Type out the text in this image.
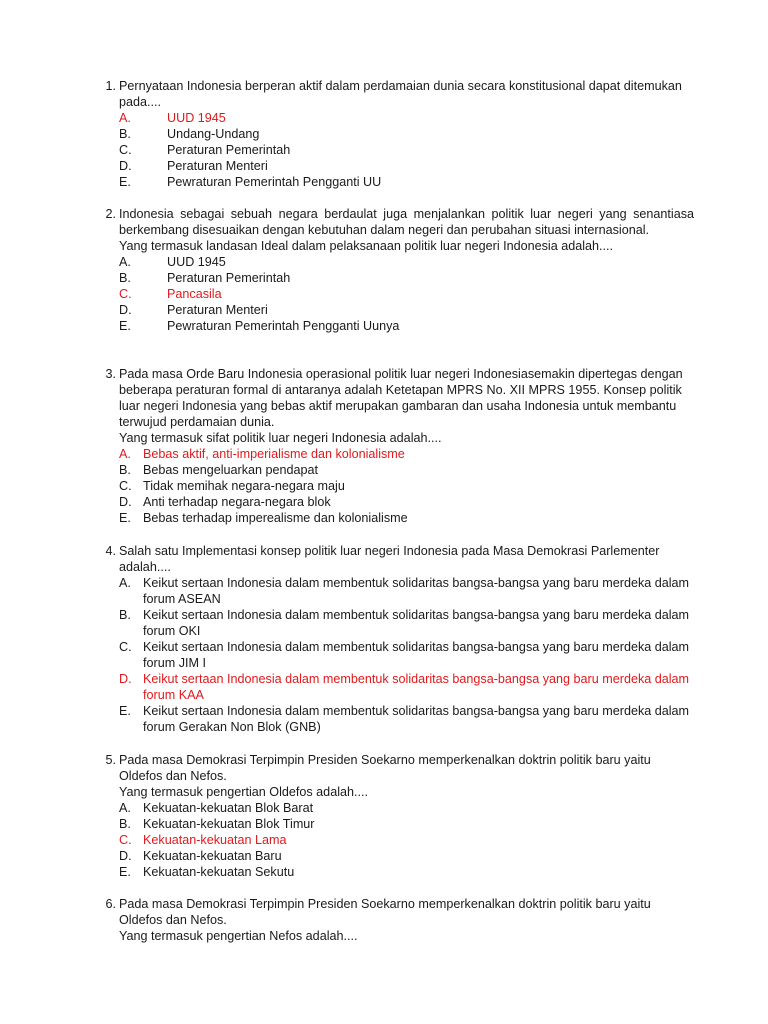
1. Pernyataan Indonesia berperan aktif dalam perdamaian dunia secara konstitusional dapat ditemukan pada....
A.	UUD 1945
B.	Undang-Undang
C.	Peraturan Pemerintah
D.	Peraturan Menteri
E.	Pewraturan Pemerintah Pengganti UU
2. Indonesia sebagai sebuah negara berdaulat juga menjalankan politik luar negeri yang senantiasa berkembang disesuaikan dengan kebutuhan dalam negeri dan perubahan situasi internasional.
Yang termasuk landasan Ideal dalam pelaksanaan politik luar negeri Indonesia adalah....
A.	UUD 1945
B.	Peraturan Pemerintah
C.	Pancasila
D.	Peraturan Menteri
E.	Pewraturan Pemerintah Pengganti Uunya
3. Pada masa Orde Baru Indonesia operasional politik luar negeri Indonesiasemakin dipertegas dengan beberapa peraturan formal di antaranya adalah Ketetapan MPRS No. XII MPRS 1955. Konsep politik luar negeri Indonesia yang bebas aktif merupakan gambaran dan usaha Indonesia untuk membantu terwujud perdamaian dunia.
Yang termasuk sifat politik luar negeri Indonesia adalah....
A. Bebas aktif, anti-imperialisme dan kolonialisme
B. Bebas mengeluarkan pendapat
C. Tidak memihak negara-negara maju
D. Anti terhadap negara-negara blok
E. Bebas terhadap imperealisme dan kolonialisme
4. Salah satu Implementasi konsep politik luar negeri Indonesia pada Masa Demokrasi Parlementer adalah....
A. Keikut sertaan Indonesia dalam membentuk solidaritas bangsa-bangsa yang baru merdeka dalam forum ASEAN
B. Keikut sertaan Indonesia dalam membentuk solidaritas bangsa-bangsa yang baru merdeka dalam forum OKI
C. Keikut sertaan Indonesia dalam membentuk solidaritas bangsa-bangsa yang baru merdeka dalam forum JIM I
D. Keikut sertaan Indonesia dalam membentuk solidaritas bangsa-bangsa yang baru merdeka dalam forum KAA
E. Keikut sertaan Indonesia dalam membentuk solidaritas bangsa-bangsa yang baru merdeka dalam forum Gerakan Non Blok (GNB)
5. Pada masa Demokrasi Terpimpin Presiden Soekarno memperkenalkan doktrin politik baru yaitu Oldefos dan Nefos.
Yang termasuk pengertian Oldefos adalah....
A. Kekuatan-kekuatan Blok Barat
B. Kekuatan-kekuatan Blok Timur
C. Kekuatan-kekuatan Lama
D. Kekuatan-kekuatan Baru
E. Kekuatan-kekuatan Sekutu
6. Pada masa Demokrasi Terpimpin Presiden Soekarno memperkenalkan doktrin politik baru yaitu Oldefos dan Nefos.
Yang termasuk pengertian Nefos adalah....
